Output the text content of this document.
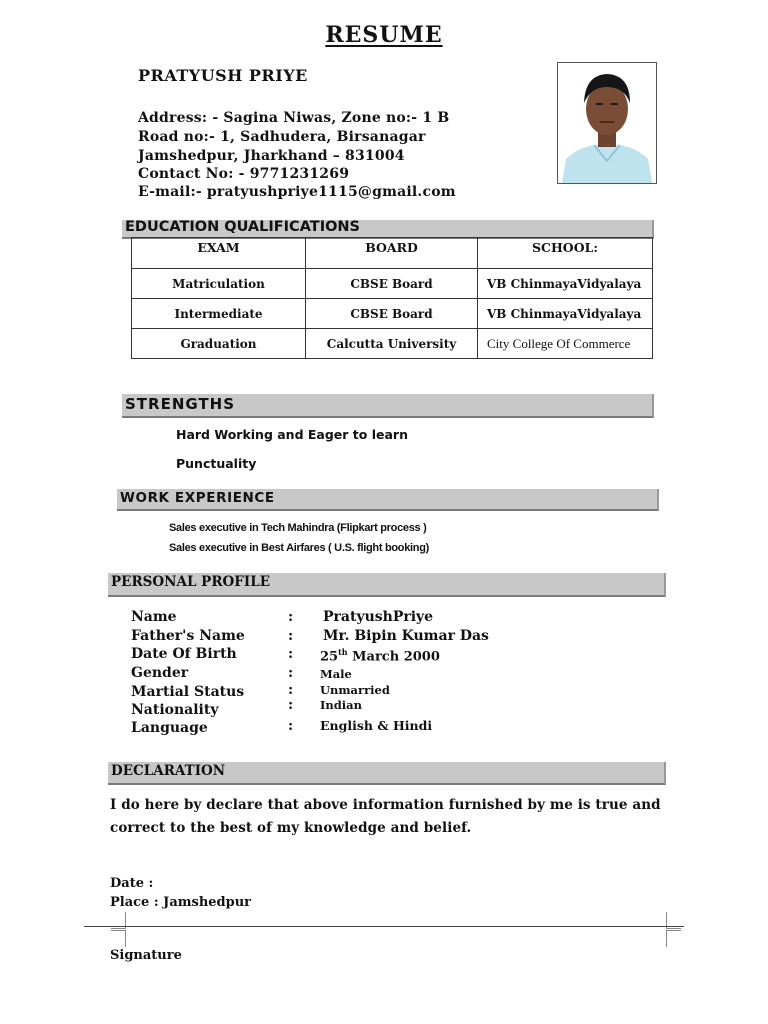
RESUME
PRATYUSH PRIYE
Address: - Sagina Niwas, Zone no:- 1 B
Road no:- 1, Sadhudera, Birsanagar
Jamshedpur, Jharkhand – 831004
Contact No: - 9771231269
E-mail:- pratyushpriye1115@gmail.com
EDUCATION QUALIFICATIONS
EXAM	BOARD	SCHOOL:
Matriculation	CBSE Board	VB ChinmayaVidyalaya
Intermediate	CBSE Board	VB ChinmayaVidyalaya
Graduation	Calcutta University	City College Of Commerce
STRENGTHS
Hard Working and Eager to learn
Punctuality
WORK EXPERIENCE
Sales executive in Tech Mahindra (Flipkart process )
Sales executive in Best Airfares ( U.S. flight booking)
PERSONAL PROFILE
Name	: PratyushPriye
Father's Name	: Mr. Bipin Kumar Das
Date Of Birth	: 25th March 2000
Gender	: Male
Martial Status	: Unmarried
Nationality	: Indian
Language	: English & Hindi
DECLARATION
I do here by declare that above information furnished by me is true and
correct to the best of my knowledge and belief.
Date :
Place : Jamshedpur
Signature
